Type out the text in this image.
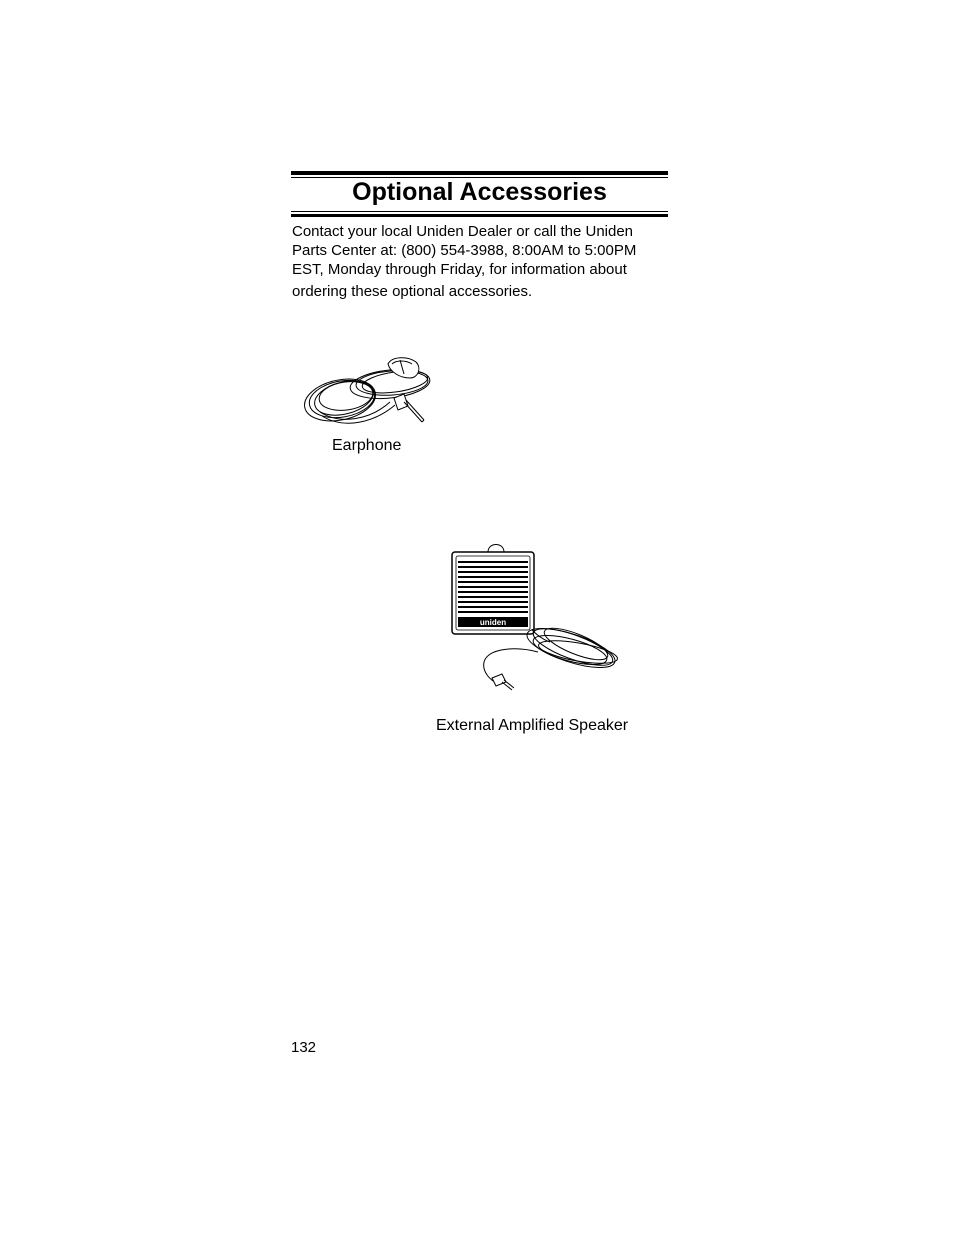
Optional Accessories

Contact your local Uniden Dealer or call the Uniden
Parts Center at: (800) 554-3988, 8:00AM to 5:00PM
EST, Monday through Friday, for information about

ordering these optional accessories.

Earphone
uniden
External Amplified Speaker
132
